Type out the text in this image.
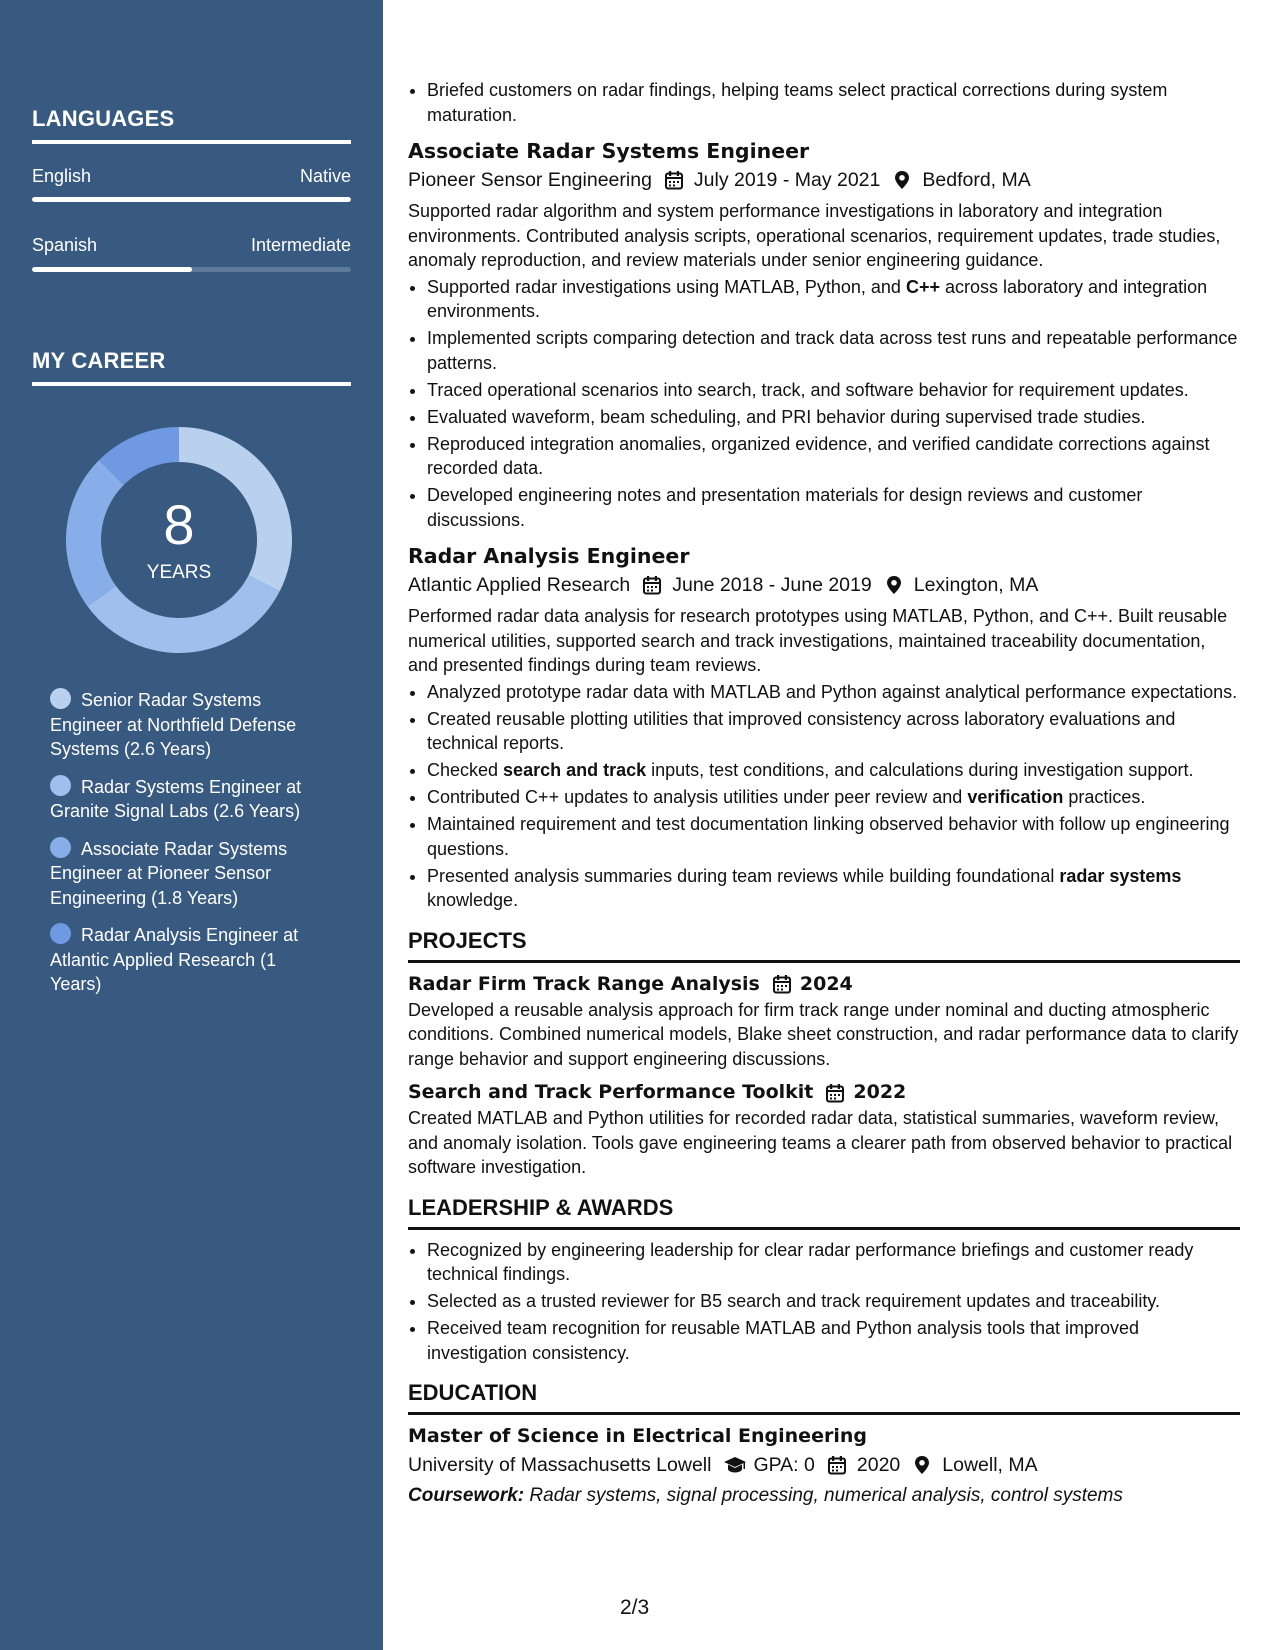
LANGUAGES
English	Native
Spanish	Intermediate
MY CAREER
8
YEARS
Senior Radar Systems Engineer at Northfield Defense Systems (2.6 Years)
Radar Systems Engineer at Granite Signal Labs (2.6 Years)
Associate Radar Systems Engineer at Pioneer Sensor Engineering (1.8 Years)
Radar Analysis Engineer at Atlantic Applied Research (1 Years)
• Briefed customers on radar findings, helping teams select practical corrections during system maturation.
Associate Radar Systems Engineer
Pioneer Sensor Engineering July 2019 - May 2021 Bedford, MA
Supported radar algorithm and system performance investigations in laboratory and integration environments. Contributed analysis scripts, operational scenarios, requirement updates, trade studies, anomaly reproduction, and review materials under senior engineering guidance.
• Supported radar investigations using MATLAB, Python, and C++ across laboratory and integration environments.
• Implemented scripts comparing detection and track data across test runs and repeatable performance patterns.
• Traced operational scenarios into search, track, and software behavior for requirement updates.
• Evaluated waveform, beam scheduling, and PRI behavior during supervised trade studies.
• Reproduced integration anomalies, organized evidence, and verified candidate corrections against recorded data.
• Developed engineering notes and presentation materials for design reviews and customer discussions.
Radar Analysis Engineer
Atlantic Applied Research June 2018 - June 2019 Lexington, MA
Performed radar data analysis for research prototypes using MATLAB, Python, and C++. Built reusable numerical utilities, supported search and track investigations, maintained traceability documentation, and presented findings during team reviews.
• Analyzed prototype radar data with MATLAB and Python against analytical performance expectations.
• Created reusable plotting utilities that improved consistency across laboratory evaluations and technical reports.
• Checked search and track inputs, test conditions, and calculations during investigation support.
• Contributed C++ updates to analysis utilities under peer review and verification practices.
• Maintained requirement and test documentation linking observed behavior with follow up engineering questions.
• Presented analysis summaries during team reviews while building foundational radar systems knowledge.
PROJECTS
Radar Firm Track Range Analysis 2024
Developed a reusable analysis approach for firm track range under nominal and ducting atmospheric conditions. Combined numerical models, Blake sheet construction, and radar performance data to clarify range behavior and support engineering discussions.
Search and Track Performance Toolkit 2022
Created MATLAB and Python utilities for recorded radar data, statistical summaries, waveform review, and anomaly isolation. Tools gave engineering teams a clearer path from observed behavior to practical software investigation.
LEADERSHIP & AWARDS
• Recognized by engineering leadership for clear radar performance briefings and customer ready technical findings.
• Selected as a trusted reviewer for B5 search and track requirement updates and traceability.
• Received team recognition for reusable MATLAB and Python analysis tools that improved investigation consistency.
EDUCATION
Master of Science in Electrical Engineering
University of Massachusetts Lowell GPA: 0 2020 Lowell, MA
Coursework: Radar systems, signal processing, numerical analysis, control systems
2/3
